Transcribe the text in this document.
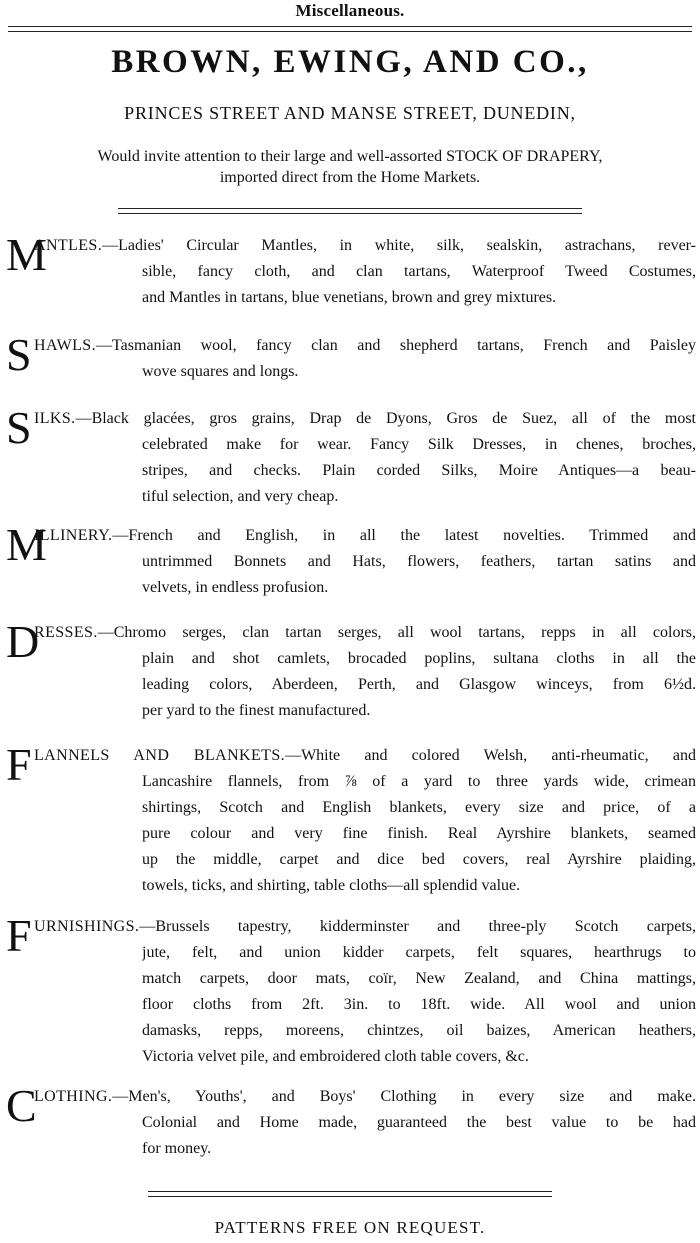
Miscellaneous.
BROWN, EWING, AND CO.,
PRINCES STREET AND MANSE STREET, DUNEDIN,
Would invite attention to their large and well-assorted STOCK OF DRAPERY,
imported direct from the Home Markets.
M
ANTLES.—Ladies' Circular Mantles, in white, silk, sealskin, astrachans, rever-
sible, fancy cloth, and clan tartans, Waterproof Tweed Costumes,
and Mantles in tartans, blue venetians, brown and grey mixtures.
S HAWLS.—Tasmanian wool, fancy clan and shepherd tartans, French and Paisley
wove squares and longs.
S ILKS.—Black glacées, gros grains, Drap de Dyons, Gros de Suez, all of the most
celebrated make for wear. Fancy Silk Dresses, in chenes, broches,
stripes, and checks. Plain corded Silks, Moire Antiques—a beau-
tiful selection, and very cheap.
M
ILLINERY.—French and English, in all the latest novelties. Trimmed and
untrimmed Bonnets and Hats, flowers, feathers, tartan satins and
velvets, in endless profusion.
D
RESSES.—Chromo serges, clan tartan serges, all wool tartans, repps in all colors,
plain and shot camlets, brocaded poplins, sultana cloths in all the
leading colors, Aberdeen, Perth, and Glasgow winceys, from 6½d.
per yard to the finest manufactured.
F LANNELS AND BLANKETS.—White and colored Welsh, anti-rheumatic, and
Lancashire flannels, from ⅞ of a yard to three yards wide, crimean
shirtings, Scotch and English blankets, every size and price, of a
pure colour and very fine finish. Real Ayrshire blankets, seamed
up the middle, carpet and dice bed covers, real Ayrshire plaiding,
towels, ticks, and shirting, table cloths—all splendid value.
F URNISHINGS.—Brussels tapestry, kidderminster and three-ply Scotch carpets,
jute, felt, and union kidder carpets, felt squares, hearthrugs to
match carpets, door mats, coïr, New Zealand, and China mattings,
floor cloths from 2ft. 3in. to 18ft. wide. All wool and union
damasks, repps, moreens, chintzes, oil baizes, American heathers,
Victoria velvet pile, and embroidered cloth table covers, &c.
C
LOTHING.—Men's, Youths', and Boys' Clothing in every size and make.
Colonial and Home made, guaranteed the best value to be had
for money.
PATTERNS FREE ON REQUEST.
